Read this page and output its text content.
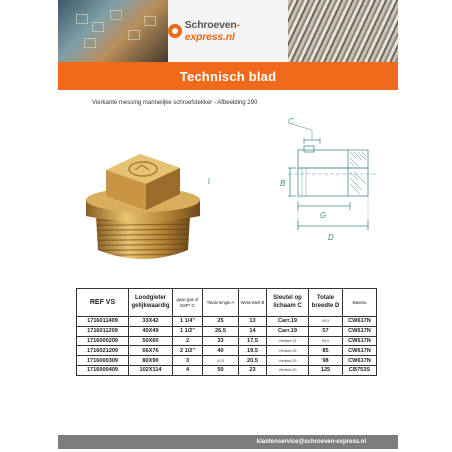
Schroeven-express.nl
Technisch blad
Vierkante messing mannelijke schroefstekker - Afbeelding 290
C
B
G
D
BSP
REF VS	Loodgieter gelijkwaardig	gaan gas of BSP* G	Totale lengte A	Wetenstelt B	Sleutel op lichaam C	Totale breedte D	Materia
1716011409	33X42	1 1/4"	25	13	Carr.19	49,5	CW617N
1716011209	40X49	1 1/2"	26.5	14	Carr.19	57	CW617N
1716000209	50X60	2	33	17.5	Vierkant 24	69,5	CW617N
1716021209	66X76	2 1/2"	40	19.5	Vierkant 35	85	CW617N
1716000309	80X90	3	41,5	20.5	Vierkant 35	98	CW617N
1716000409	102X114	4	50	23	Vierkant 40	125	CB753S
klantenservice@schroeven-express.nl
